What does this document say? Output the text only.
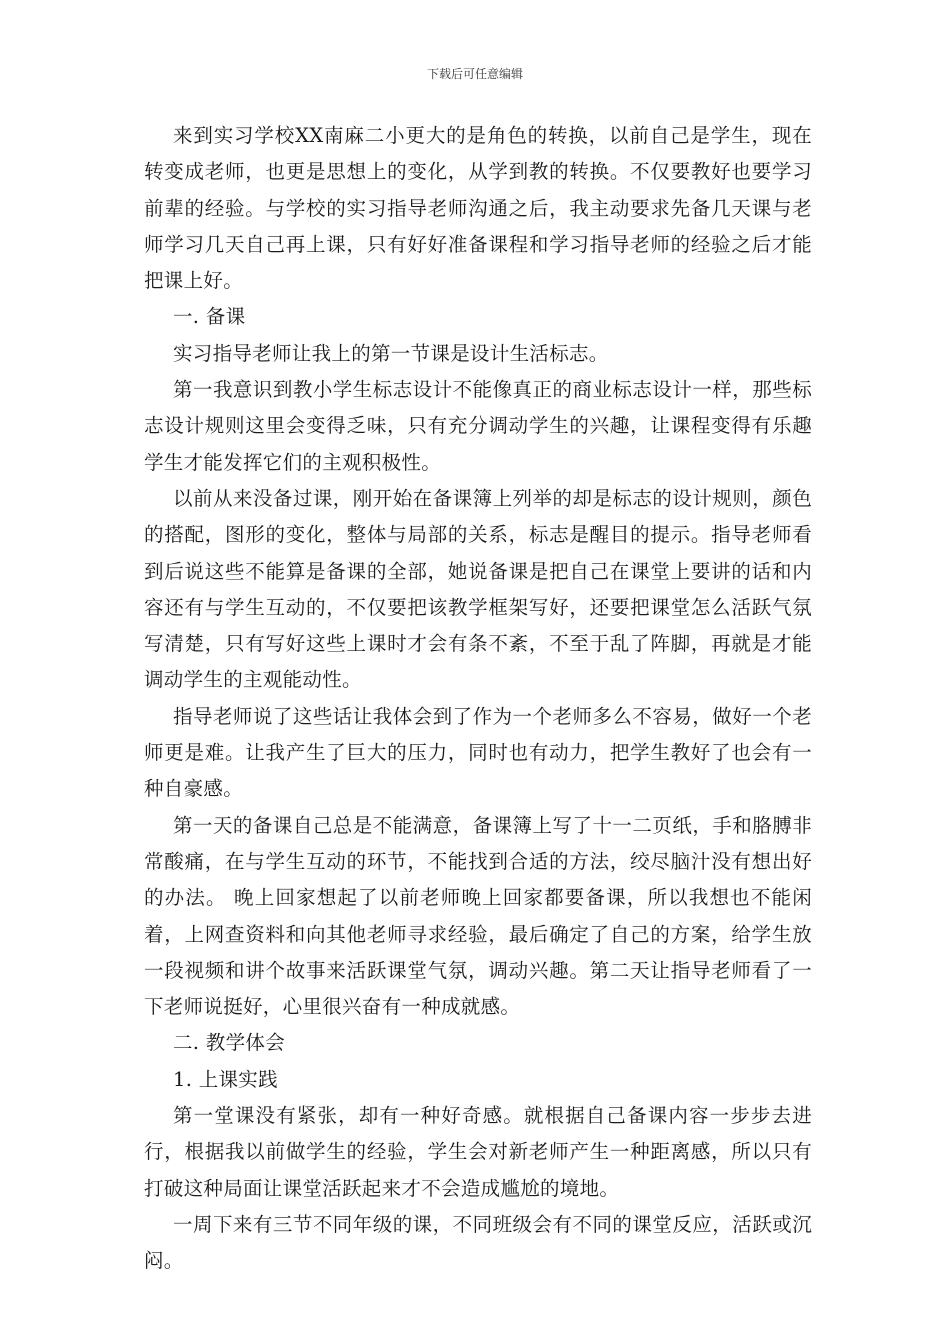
下载后可任意编辑

来到实习学校XX南麻二小更大的是角色的转换，以前自己是学生，现在转变成老师，也更是思想上的变化，从学到教的转换。不仅要教好也要学习前辈的经验。与学校的实习指导老师沟通之后，我主动要求先备几天课与老师学习几天自己再上课，只有好好准备课程和学习指导老师的经验之后才能把课上好。

一. 备课

实习指导老师让我上的第一节课是设计生活标志。

第一我意识到教小学生标志设计不能像真正的商业标志设计一样，那些标志设计规则这里会变得乏味，只有充分调动学生的兴趣，让课程变得有乐趣学生才能发挥它们的主观积极性。

以前从来没备过课，刚开始在备课簿上列举的却是标志的设计规则，颜色的搭配，图形的变化，整体与局部的关系，标志是醒目的提示。指导老师看到后说这些不能算是备课的全部，她说备课是把自己在课堂上要讲的话和内容还有与学生互动的，不仅要把该教学框架写好，还要把课堂怎么活跃气氛写清楚，只有写好这些上课时才会有条不紊，不至于乱了阵脚，再就是才能调动学生的主观能动性。

指导老师说了这些话让我体会到了作为一个老师多么不容易，做好一个老师更是难。让我产生了巨大的压力，同时也有动力，把学生教好了也会有一种自豪感。

第一天的备课自己总是不能满意，备课簿上写了十一二页纸，手和胳膊非常酸痛，在与学生互动的环节，不能找到合适的方法，绞尽脑汁没有想出好的办法。 晚上回家想起了以前老师晚上回家都要备课，所以我想也不能闲着，上网查资料和向其他老师寻求经验，最后确定了自己的方案，给学生放一段视频和讲个故事来活跃课堂气氛，调动兴趣。第二天让指导老师看了一下老师说挺好，心里很兴奋有一种成就感。

二. 教学体会

1. 上课实践

第一堂课没有紧张，却有一种好奇感。就根据自己备课内容一步步去进行，根据我以前做学生的经验，学生会对新老师产生一种距离感，所以只有打破这种局面让课堂活跃起来才不会造成尴尬的境地。

一周下来有三节不同年级的课，不同班级会有不同的课堂反应，活跃或沉闷。
